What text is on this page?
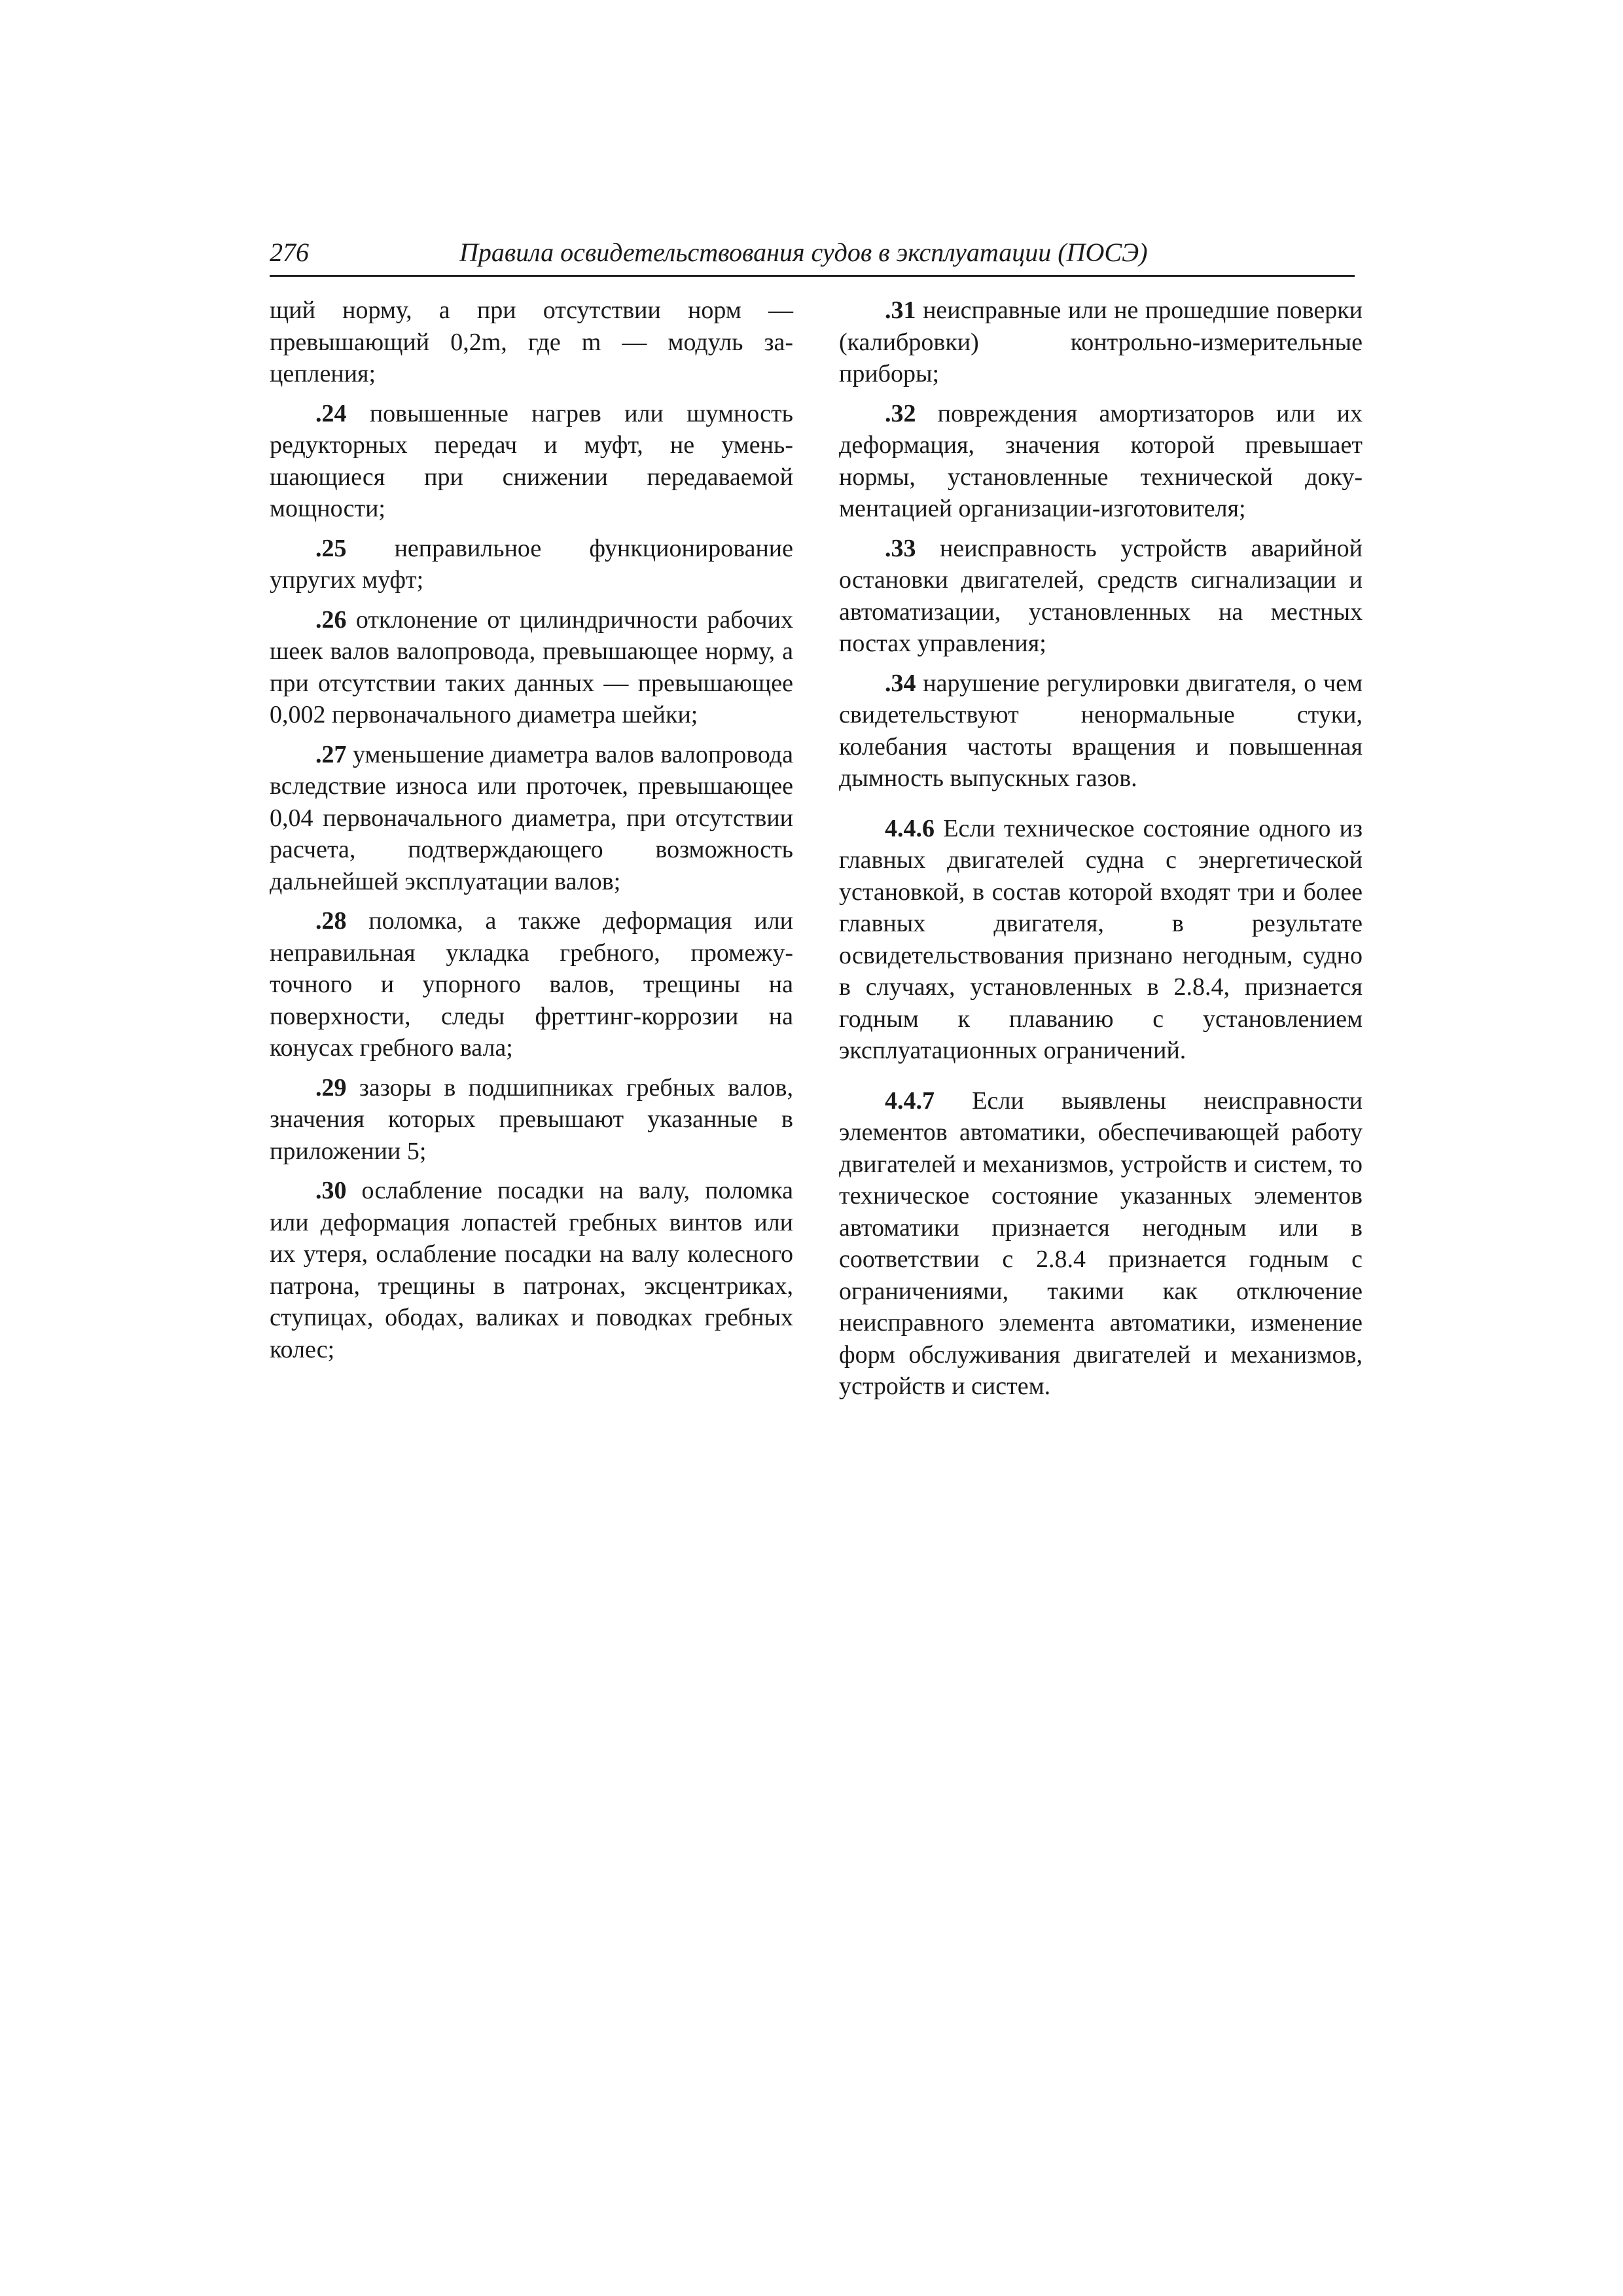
276	Правила освидетельствования судов в эксплуатации (ПОСЭ)

щий норму, а при отсутствии норм — превышающий 0,2m, где m — модуль зацепления;

.24 повышенные нагрев или шумность редукторных передач и муфт, не уменьшающиеся при снижении передаваемой мощности;

.25 неправильное функционирование упругих муфт;

.26 отклонение от цилиндричности рабочих шеек валов валопровода, превышающее норму, а при отсутствии таких данных — превышающее 0,002 первоначального диаметра шейки;

.27 уменьшение диаметра валов валопровода вследствие износа или проточек, превышающее 0,04 первоначального диаметра, при отсутствии расчета, подтверждающего возможность дальнейшей эксплуатации валов;

.28 поломка, а также деформация или неправильная укладка гребного, промежуточного и упорного валов, трещины на поверхности, следы фреттинг-коррозии на конусах гребного вала;

.29 зазоры в подшипниках гребных валов, значения которых превышают указанные в приложении 5;

.30 ослабление посадки на валу, поломка или деформация лопастей гребных винтов или их утеря, ослабление посадки на валу колесного патрона, трещины в патронах, эксцентриках, ступицах, ободах, валиках и поводках гребных колес;

.31 неисправные или не прошедшие поверки (калибровки) контрольно-измерительные приборы;

.32 повреждения амортизаторов или их деформация, значения которой превышает нормы, установленные технической документацией организации-изготовителя;

.33 неисправность устройств аварийной остановки двигателей, средств сигнализации и автоматизации, установленных на местных постах управления;

.34 нарушение регулировки двигателя, о чем свидетельствуют ненормальные стуки, колебания частоты вращения и повышенная дымность выпускных газов.

4.4.6 Если техническое состояние одного из главных двигателей судна с энергетической установкой, в состав которой входят три и более главных двигателя, в результате освидетельствования признано негодным, судно в случаях, установленных в 2.8.4, признается годным к плаванию с установлением эксплуатационных ограничений.

4.4.7 Если выявлены неисправности элементов автоматики, обеспечивающей работу двигателей и механизмов, устройств и систем, то техническое состояние указанных элементов автоматики признается негодным или в соответствии с 2.8.4 признается годным с ограничениями, такими как отключение неисправного элемента автоматики, изменение форм обслуживания двигателей и механизмов, устройств и систем.
